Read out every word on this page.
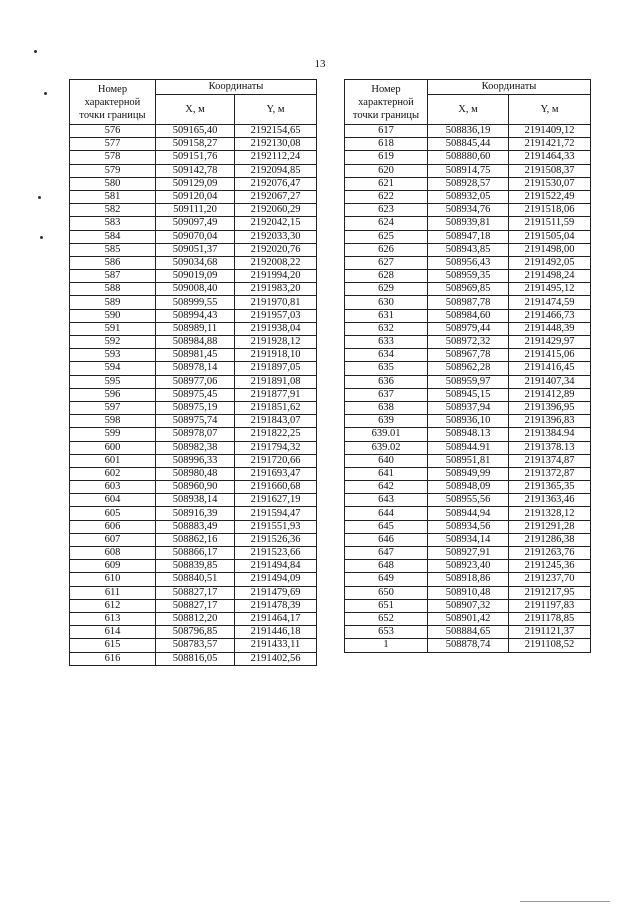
13
Номер
характерной
точки границы	Координаты	
	X, м	Y, м
576	509165,40	2192154,65
577	509158,27	2192130,08
578	509151,76	2192112,24
579	509142,78	2192094,85
580	509129,09	2192076,47
581	509120,04	2192067,27
582	509111,20	2192060,29
583	509097,49	2192042,15
584	509070,04	2192033,30
585	509051,37	2192020,76
586	509034,68	2192008,22
587	509019,09	2191994,20
588	509008,40	2191983,20
589	508999,55	2191970,81
590	508994,43	2191957,03
591	508989,11	2191938,04
592	508984,88	2191928,12
593	508981,45	2191918,10
594	508978,14	2191897,05
595	508977,06	2191891,08
596	508975,45	2191877,91
597	508975,19	2191851,62
598	508975,74	2191843,07
599	508978,07	2191822,25
600	508982,38	2191794,32
601	508996,33	2191720,66
602	508980,48	2191693,47
603	508960,90	2191660,68
604	508938,14	2191627,19
605	508916,39	2191594,47
606	508883,49	2191551,93
607	508862,16	2191526,36
608	508866,17	2191523,66
609	508839,85	2191494,84
610	508840,51	2191494,09
611	508827,17	2191479,69
612	508827,17	2191478,39
613	508812,20	2191464,17
614	508796,85	2191446,18
615	508783,57	2191433,11
616	508816,05	2191402,56
Номер
характерной
точки границы	Координаты	
	X, м	Y, м
617	508836,19	2191409,12
618	508845,44	2191421,72
619	508880,60	2191464,33
620	508914,75	2191508,37
621	508928,57	2191530,07
622	508932,05	2191522,49
623	508934,76	2191518,06
624	508939,81	2191511,59
625	508947,18	2191505,04
626	508943,85	2191498,00
627	508956,43	2191492,05
628	508959,35	2191498,24
629	508969,85	2191495,12
630	508987,78	2191474,59
631	508984,60	2191466,73
632	508979,44	2191448,39
633	508972,32	2191429,97
634	508967,78	2191415,06
635	508962,28	2191416,45
636	508959,97	2191407,34
637	508945,15	2191412,89
638	508937,94	2191396,95
639	508936,10	2191396,83
639.01	508948.13	2191384.94
639.02	508944.91	2191378.13
640	508951,81	2191374,87
641	508949,99	2191372,87
642	508948,09	2191365,35
643	508955,56	2191363,46
644	508944,94	2191328,12
645	508934,56	2191291,28
646	508934,14	2191286,38
647	508927,91	2191263,76
648	508923,40	2191245,36
649	508918,86	2191237,70
650	508910,48	2191217,95
651	508907,32	2191197,83
652	508901,42	2191178,85
653	508884,65	2191121,37
1	508878,74	2191108,52
